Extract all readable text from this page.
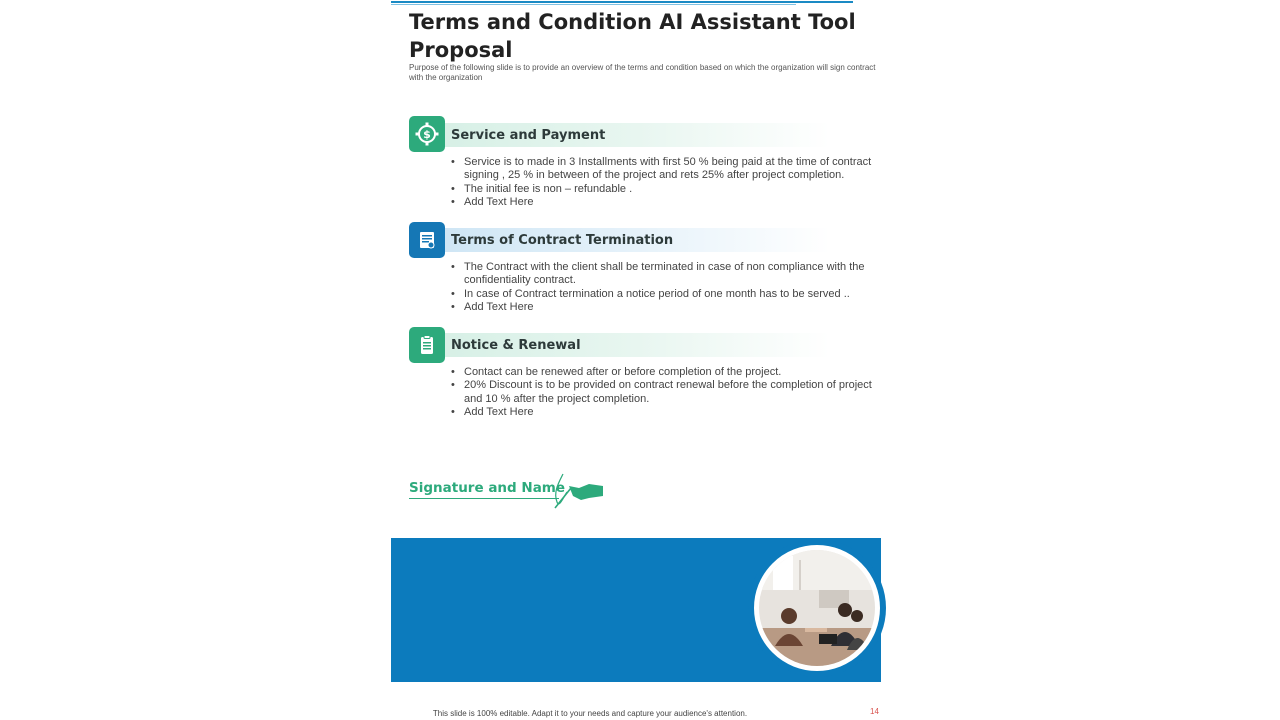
Terms and Condition AI Assistant Tool Proposal

Purpose of the following slide is to provide an overview of the terms and condition based on which the organization will sign contract with the organization

$	Service and Payment
• Service is to made in 3 Installments with first 50 % being paid at the time of contract signing , 25 % in between of the project and rets 25% after project completion.
• The initial fee is non – refundable .
• Add Text Here
Terms of Contract Termination
• The Contract with the client shall be terminated in case of non compliance with the confidentiality contract.
• In case of Contract termination a notice period of one month has to be served ..
• Add Text Here
Notice & Renewal
• Contact can be renewed after or before completion of the project.
• 20% Discount is to be provided on contract renewal before the completion of project and 10 % after the project completion.
• Add Text Here
Signature and Name
This slide is 100% editable. Adapt it to your needs and capture your audience's attention.	14
